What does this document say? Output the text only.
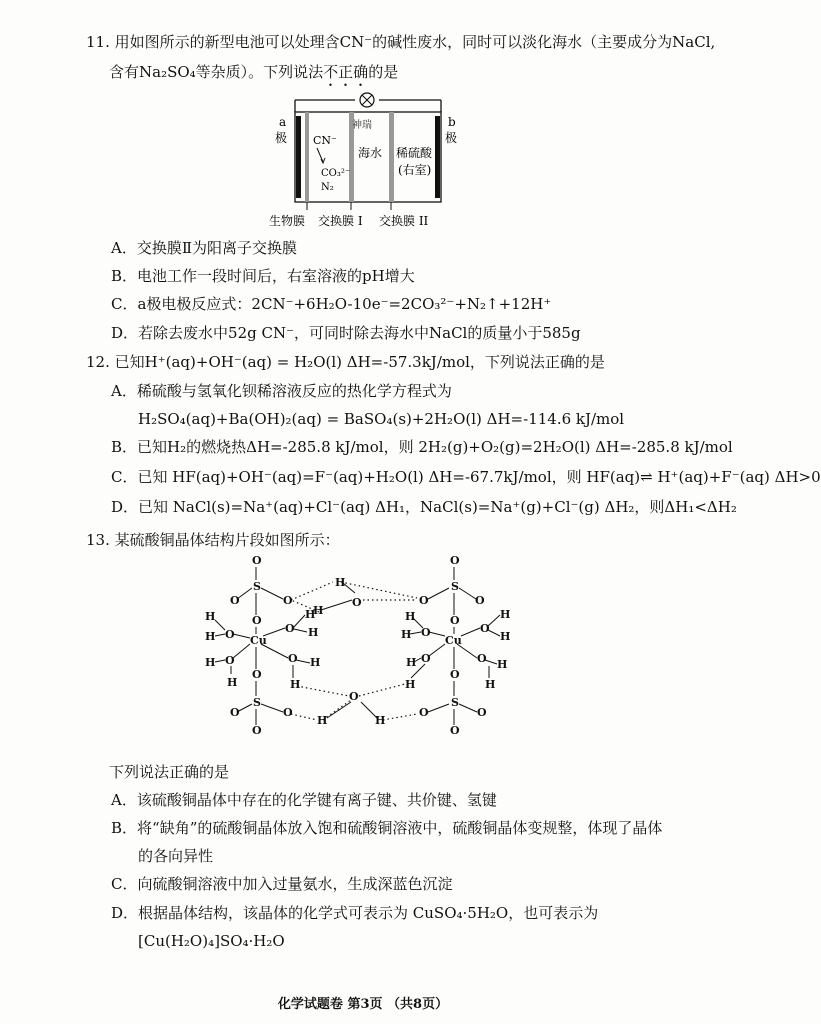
11. 用如图所示的新型电池可以处理含CN⁻的碱性废水，同时可以淡化海水（主要成分为NaCl,
含有Na₂SO₄等杂质）。下列说法不正确的是
a
极
b
极
神瑞
CN⁻
CO₃²⁻
N₂
海水 稀硫酸
(右室)
生物膜 交换膜 I 交换膜 II
A．交换膜Ⅱ为阳离子交换膜
B．电池工作一段时间后，右室溶液的pH增大
C．a极电极反应式：2CN⁻+6H₂O-10e⁻=2CO₃²⁻+N₂↑+12H⁺
D．若除去废水中52g CN⁻，可同时除去海水中NaCl的质量小于585g
12. 已知H⁺(aq)+OH⁻(aq) = H₂O(l) ΔH=-57.3kJ/mol，下列说法正确的是
A．稀硫酸与氢氧化钡稀溶液反应的热化学方程式为
H₂SO₄(aq)+Ba(OH)₂(aq) = BaSO₄(s)+2H₂O(l) ΔH=-114.6 kJ/mol
B．已知H₂的燃烧热ΔH=-285.8 kJ/mol，则 2H₂(g)+O₂(g)=2H₂O(l) ΔH=-285.8 kJ/mol
C．已知 HF(aq)+OH⁻(aq)=F⁻(aq)+H₂O(l) ΔH=-67.7kJ/mol，则 HF(aq)⇌ H⁺(aq)+F⁻(aq) ΔH>0
D．已知 NaCl(s)=Na⁺(aq)+Cl⁻(aq) ΔH₁，NaCl(s)=Na⁺(g)+Cl⁻(g) ΔH₂，则ΔH₁<ΔH₂
13. 某硫酸铜晶体结构片段如图所示：
O
O
S
O
O
Cu
H
H O
H O
H
O
H
H
O H
H
O
S
O	O
O
H
O
H
O
H	H
O
O
S
O
O
Cu
H
H O
H O
H
O
H
H
O H
H
O
S
O	O
O
下列说法正确的是
A．该硫酸铜晶体中存在的化学键有离子键、共价键、氢键
B．将“缺角”的硫酸铜晶体放入饱和硫酸铜溶液中，硫酸铜晶体变规整，体现了晶体
的各向异性
C．向硫酸铜溶液中加入过量氨水，生成深蓝色沉淀
D．根据晶体结构，该晶体的化学式可表示为 CuSO₄·5H₂O，也可表示为
[Cu(H₂O)₄]SO₄·H₂O
化学试题卷 第3页 （共8页）
